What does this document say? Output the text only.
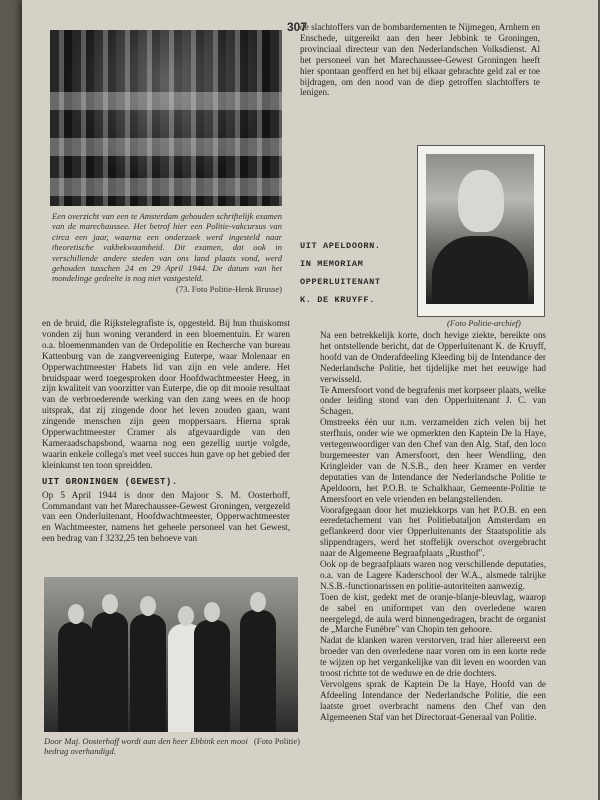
307
Een overzicht van een te Amsterdam gehouden schriftelijk examen van de marechaussee. Het betrof hier een Politie-vakcursus van circa een jaar, waarna een onderzoek werd ingesteld naar theoretische vakbekwaamheid. Dit examen, dat ook in verschillende andere steden van ons land plaats vond, werd gehouden tusschen 24 en 29 April 1944. De datum van het mondelinge gedeelte is nog niet vastgesteld.
(73. Foto Politie-Henk Brusse)

en de bruid, die Rijkstelegrafiste is, opgesteld. Bij hun thuiskomst vonden zij hun woning veranderd in een bloementuin. Er waren o.a. bloemenmanden van de Ordepolitie en Recherche van bureau Kattenburg van de zangvereeniging Euterpe, waar Molenaar en Opperwachtmeester Habets lid van zijn en vele andere. Het bruidspaar werd toegesproken door Hoofdwachtmeester Heeg, in zijn kwaliteit van voorzitter van Euterpe, die op dit mooie resultaat van de verbroederende werking van den zang wees en de hoop uitsprak, dat zij zingende door het leven zouden gaan, want zingende menschen zijn geen moppersaars. Hierna sprak Opperwachtmeester Cramer als afgevaardigde van den Kameraadschapsbond, waarna nog een gezellig uurtje volgde, waarin enkele collega's met veel succes hun gave op het gebied der kleinkunst ten toon spreidden.

UIT GRONINGEN (GEWEST).

Op 5 April 1944 is door den Majoor S. M. Oosterhoff, Commandant van het Marechaussee-Gewest Groningen, vergezeld van een Onderluitenant, Hoofdwachtmeester, Opperwachtmeester en Wachtmeester, namens het geheele personeel van het Gewest, een bedrag van f 3232,25 ten behoeve van

(Foto Politie)
Door Maj. Oosterhoff wordt aan den heer Ebbink een mooi bedrag overhandigd.

de slachtoffers van de bombardementen te Nijmegen, Arnhem en Enschede, uitgereikt aan den heer Jebbink te Groningen, provinciaal directeur van den Nederlandschen Volksdienst. Al het personeel van het Marechaussee-Gewest Groningen heeft hier spontaan geofferd en het bij elkaar gebrachte geld zal er toe bijdragen, om den nood van de diep getroffen slachtoffers te lenigen.

UIT APELDOORN.
IN MEMORIAM
OPPERLUITENANT
K. DE KRUYFF.
(Foto Politie-archief)

Na een betrekkelijk korte, doch hevige ziekte, bereikte ons het ontstellende bericht, dat de Opperluitenant K. de Kruyff, hoofd van de Onderafdeeling Kleeding bij de Intendance der Nederlandsche Politie, het tijdelijke met het eeuwige had verwisseld.

Te Amersfoort vond de begrafenis met korpseer plaats, welke onder leiding stond van den Opperluitenant J. C. van Schagen.

Omstreeks één uur n.m. verzamelden zich velen bij het sterfhuis, onder wie we opmerkten den Kaptein De la Haye, vertegenwoordiger van den Chef van den Alg. Staf, den loco burgemeester van Amersfoort, den heer Wendling, den Kringleider van de N.S.B., den heer Kramer en verder deputaties van de Intendance der Nederlandsche Politie te Apeldoorn, het P.O.B. te Schalkhaar, Gemeente-Politie te Amersfoort en vele vrienden en belangstellenden.

Voorafgegaan door het muziekkorps van het P.O.B. en een eeredetachement van het Politiebataljon Amsterdam en geflankeerd door vier Opperluitenants der Staatspolitie als slippendragers, werd het stoffelijk overschot overgebracht naar de Algemeene Begraafplaats „Rusthof".

Ook op de begraafplaats waren nog verschillende deputaties, o.a. van de Lagere Kaderschool der W.A., alsmede talrijke N.S.B.-functionarissen en politie-autoriteiten aanwezig.

Toen de kist, gedekt met de oranje-blanje-bleuvlag, waarop de sabel en uniformpet van den overledene waren neergelegd, de aula werd binnengedragen, bracht de organist de „Marche Funèbre" van Chopin ten gehoore.

Nadat de klanken waren verstorven, trad hier allereerst een broeder van den overledene naar voren om in een korte rede te wijzen op het vergankelijke van dit leven en woorden van troost richtte tot de weduwe en de drie dochters.

Vervolgens sprak de Kaptein De la Haye, Hoofd van de Afdeeling Intendance der Nederlandsche Politie, die een laatste groet overbracht namens den Chef van den Algemeenen Staf van het Directoraat-Generaal van Politie.
